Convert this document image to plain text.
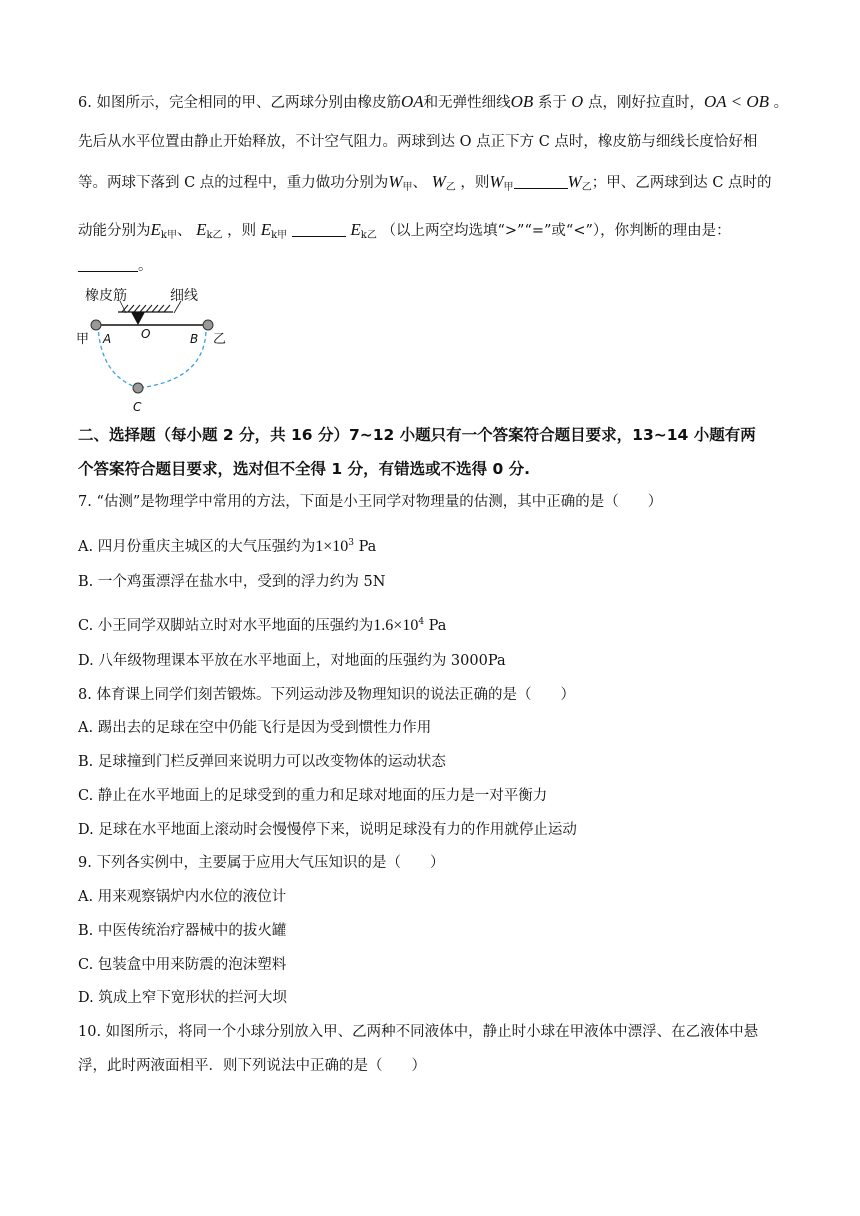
6. 如图所示，完全相同的甲、乙两球分别由橡皮筋OA和无弹性细线OB 系于 O 点，刚好拉直时，OA < OB 。
先后从水平位置由静止开始释放，不计空气阻力。两球到达 O 点正下方 C 点时，橡皮筋与细线长度恰好相
等。两球下落到 C 点的过程中，重力做功分别为$W_甲$、 $W_乙$ ，则$W_甲$	$W_乙$；甲、乙两球到达 C 点时的
动能分别为$E_{k甲}$、 $E_{k乙}$ ，则 $E_{k甲}$	$E_{k乙}$ （以上两空均选填“>”“=”或“<”），你判断的理由是：
。
橡皮筋	细线
甲 A O	B 乙
C
二、选择题（每小题 2 分，共 16 分）7~12 小题只有一个答案符合题目要求，13~14 小题有两
个答案符合题目要求，选对但不全得 1 分，有错选或不选得 0 分.
7. “估测”是物理学中常用的方法，下面是小王同学对物理量的估测，其中正确的是（　　）
A. 四月份重庆主城区的大气压强约为$1\times 10^3$ Pa
B. 一个鸡蛋漂浮在盐水中，受到的浮力约为 5N
C. 小王同学双脚站立时对水平地面的压强约为$1.6\times 10^4$ Pa
D. 八年级物理课本平放在水平地面上，对地面的压强约为 3000Pa
8. 体育课上同学们刻苦锻炼。下列运动涉及物理知识的说法正确的是（　　）
A. 踢出去的足球在空中仍能飞行是因为受到惯性力作用
B. 足球撞到门栏反弹回来说明力可以改变物体的运动状态
C. 静止在水平地面上的足球受到的重力和足球对地面的压力是一对平衡力
D. 足球在水平地面上滚动时会慢慢停下来，说明足球没有力的作用就停止运动
9. 下列各实例中，主要属于应用大气压知识的是（　　）
A. 用来观察锅炉内水位的液位计
B. 中医传统治疗器械中的拔火罐
C. 包装盒中用来防震的泡沫塑料
D. 筑成上窄下宽形状的拦河大坝
10. 如图所示，将同一个小球分别放入甲、乙两种不同液体中，静止时小球在甲液体中漂浮、在乙液体中悬
浮，此时两液面相平．则下列说法中正确的是（　　）
